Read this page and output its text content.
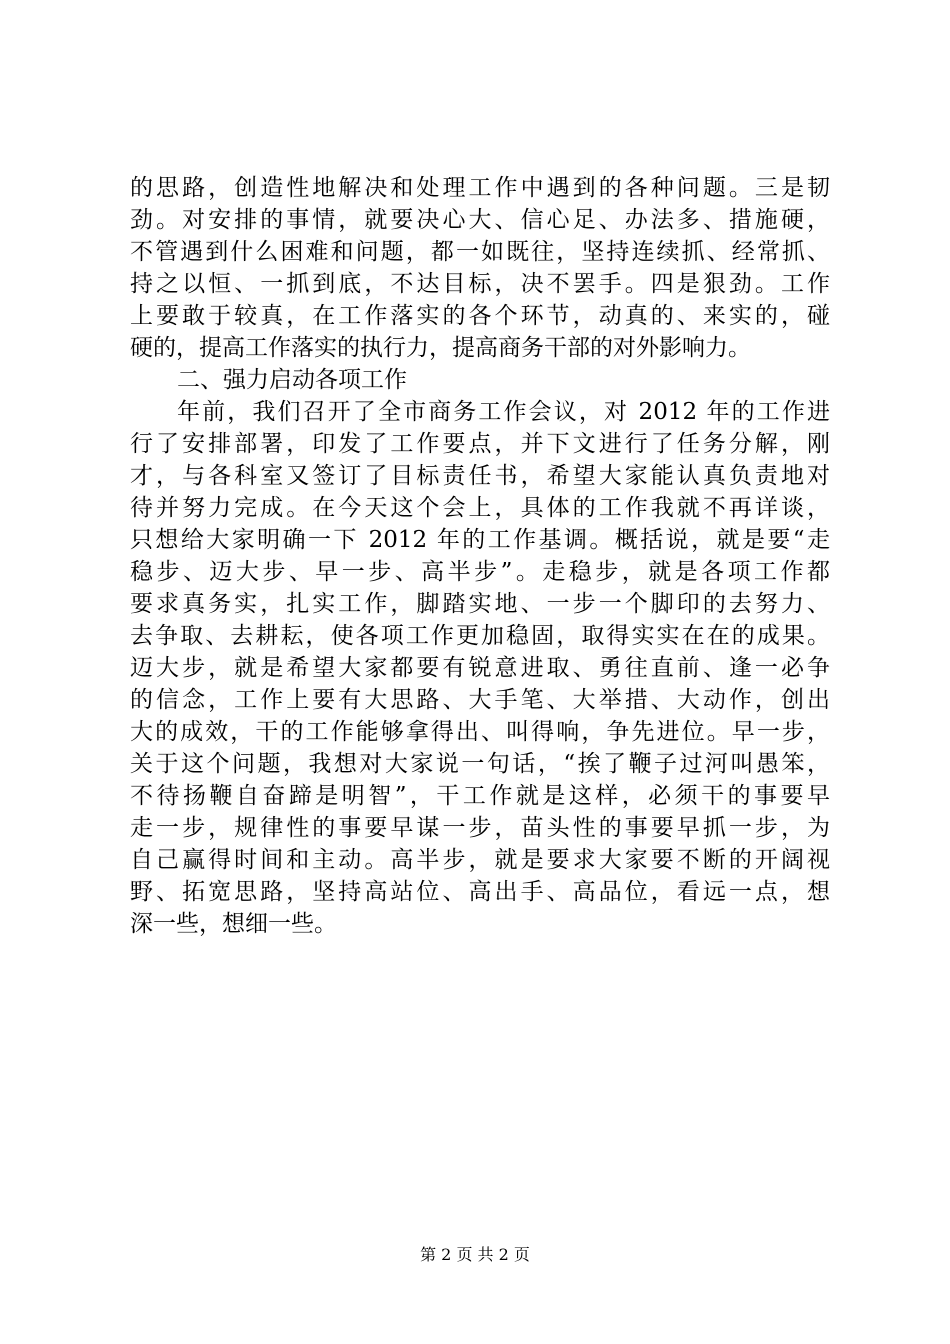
的思路，创造性地解决和处理工作中遇到的各种问题。三是韧
劲。对安排的事情，就要决心大、信心足、办法多、措施硬，
不管遇到什么困难和问题，都一如既往，坚持连续抓、经常抓、
持之以恒、一抓到底，不达目标，决不罢手。四是狠劲。工作
上要敢于较真，在工作落实的各个环节，动真的、来实的，碰
硬的，提高工作落实的执行力，提高商务干部的对外影响力。
二、强力启动各项工作
年前，我们召开了全市商务工作会议，对 2012 年的工作进
行了安排部署，印发了工作要点，并下文进行了任务分解，刚
才，与各科室又签订了目标责任书，希望大家能认真负责地对
待并努力完成。在今天这个会上，具体的工作我就不再详谈，
只想给大家明确一下 2012 年的工作基调。概括说，就是要“走
稳步、迈大步、早一步、高半步”。走稳步，就是各项工作都
要求真务实，扎实工作，脚踏实地、一步一个脚印的去努力、
去争取、去耕耘，使各项工作更加稳固，取得实实在在的成果。
迈大步，就是希望大家都要有锐意进取、勇往直前、逢一必争
的信念，工作上要有大思路、大手笔、大举措、大动作，创出
大的成效，干的工作能够拿得出、叫得响，争先进位。早一步，
关于这个问题，我想对大家说一句话，“挨了鞭子过河叫愚笨，
不待扬鞭自奋蹄是明智”，干工作就是这样，必须干的事要早
走一步，规律性的事要早谋一步，苗头性的事要早抓一步，为
自己赢得时间和主动。高半步，就是要求大家要不断的开阔视
野、拓宽思路，坚持高站位、高出手、高品位，看远一点，想
深一些，想细一些。
第 2 页 共 2 页
